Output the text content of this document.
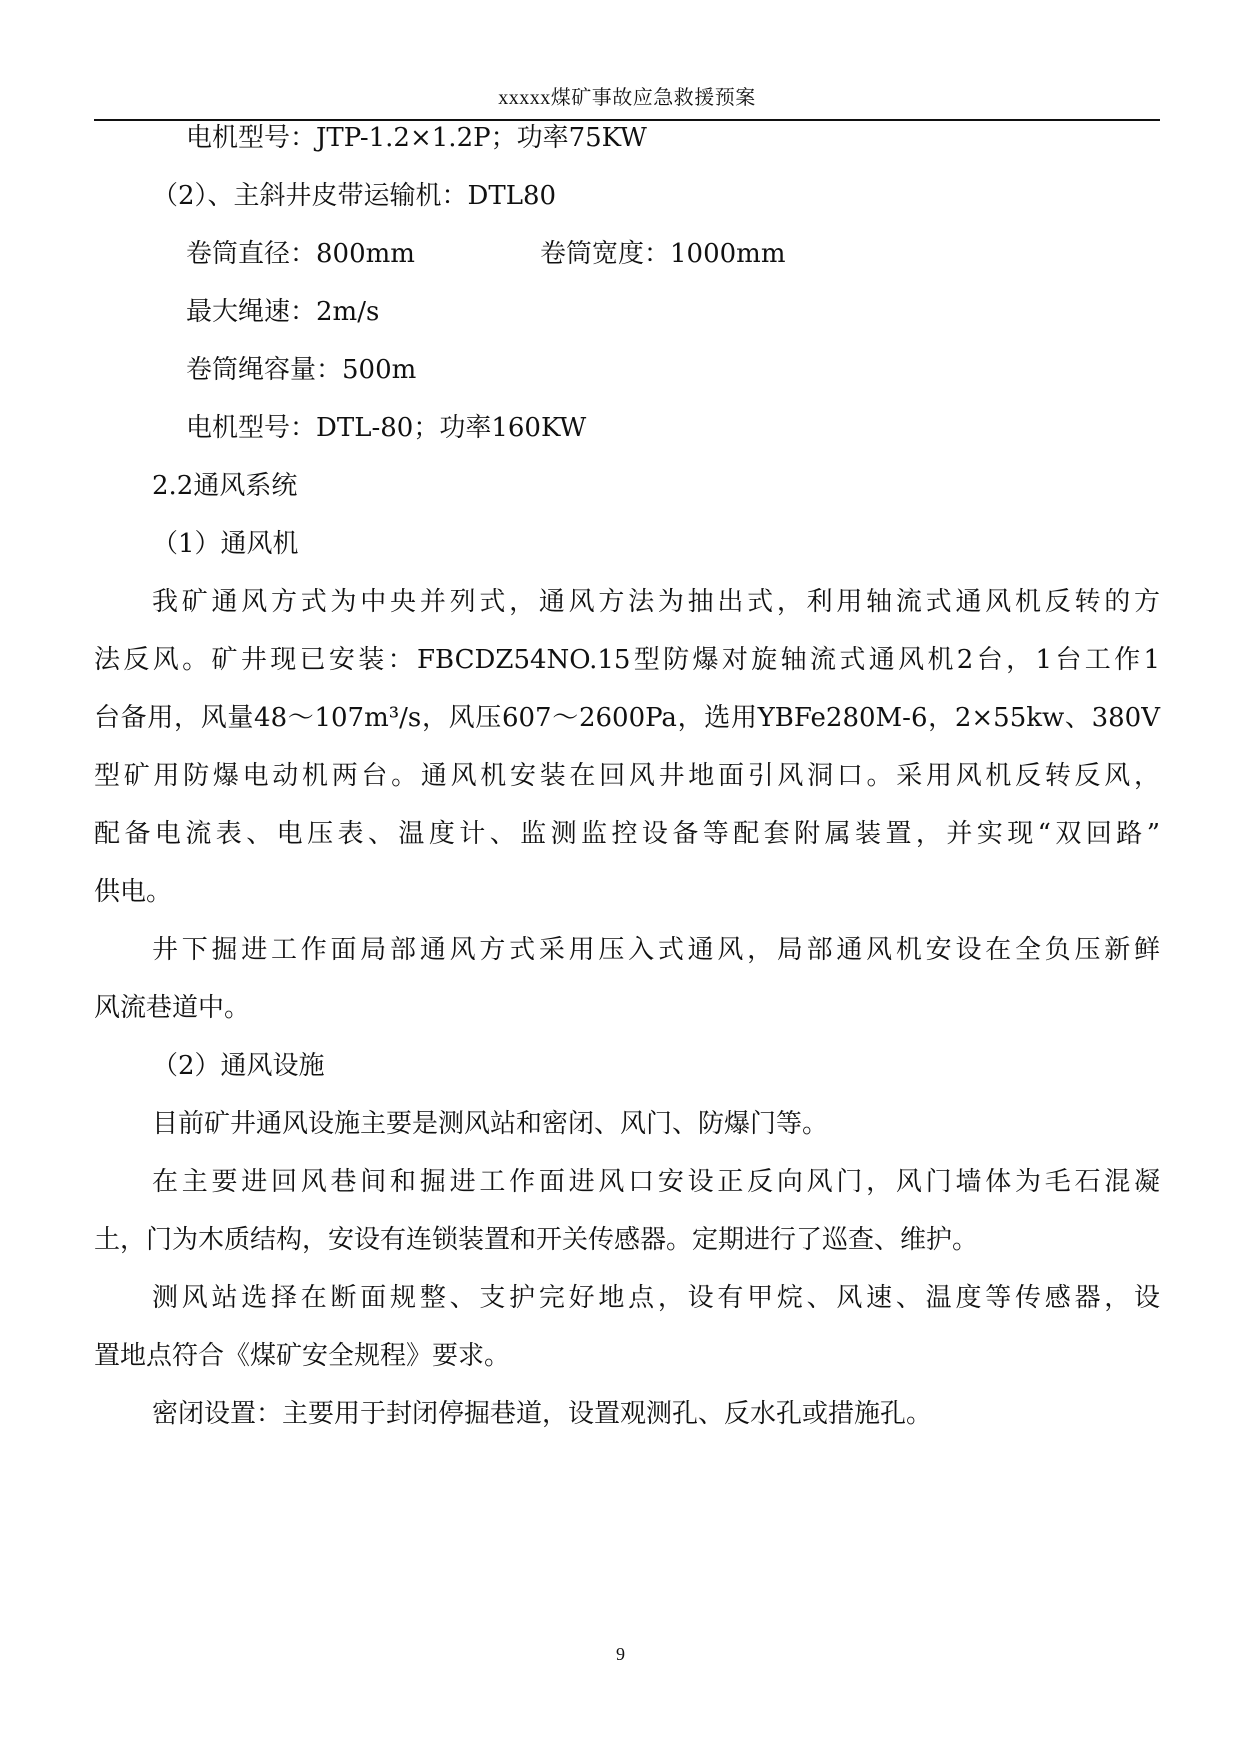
xxxxx煤矿事故应急救援预案
电机型号：JTP-1.2×1.2P；功率75KW
（2）、主斜井皮带运输机：DTL80
卷筒直径：800mm	卷筒宽度：1000mm
最大绳速：2m/s
卷筒绳容量：500m
电机型号：DTL-80；功率160KW
2.2通风系统
（1）通风机
我矿通风方式为中央并列式，通风方法为抽出式，利用轴流式通风机反转的方
法反风。矿井现已安装：FBCDZ54NO.15型防爆对旋轴流式通风机2台，1台工作1
台备用，风量48～107m³/s，风压607～2600Pa，选用YBFe280M-6，2×55kw、380V
型矿用防爆电动机两台。通风机安装在回风井地面引风洞口。采用风机反转反风，
配备电流表、电压表、温度计、监测监控设备等配套附属装置，并实现“双回路”
供电。
井下掘进工作面局部通风方式采用压入式通风，局部通风机安设在全负压新鲜
风流巷道中。
（2）通风设施
目前矿井通风设施主要是测风站和密闭、风门、防爆门等。
在主要进回风巷间和掘进工作面进风口安设正反向风门，风门墙体为毛石混凝
土，门为木质结构，安设有连锁装置和开关传感器。定期进行了巡查、维护。
测风站选择在断面规整、支护完好地点，设有甲烷、风速、温度等传感器，设
置地点符合《煤矿安全规程》要求。
密闭设置：主要用于封闭停掘巷道，设置观测孔、反水孔或措施孔。
9
